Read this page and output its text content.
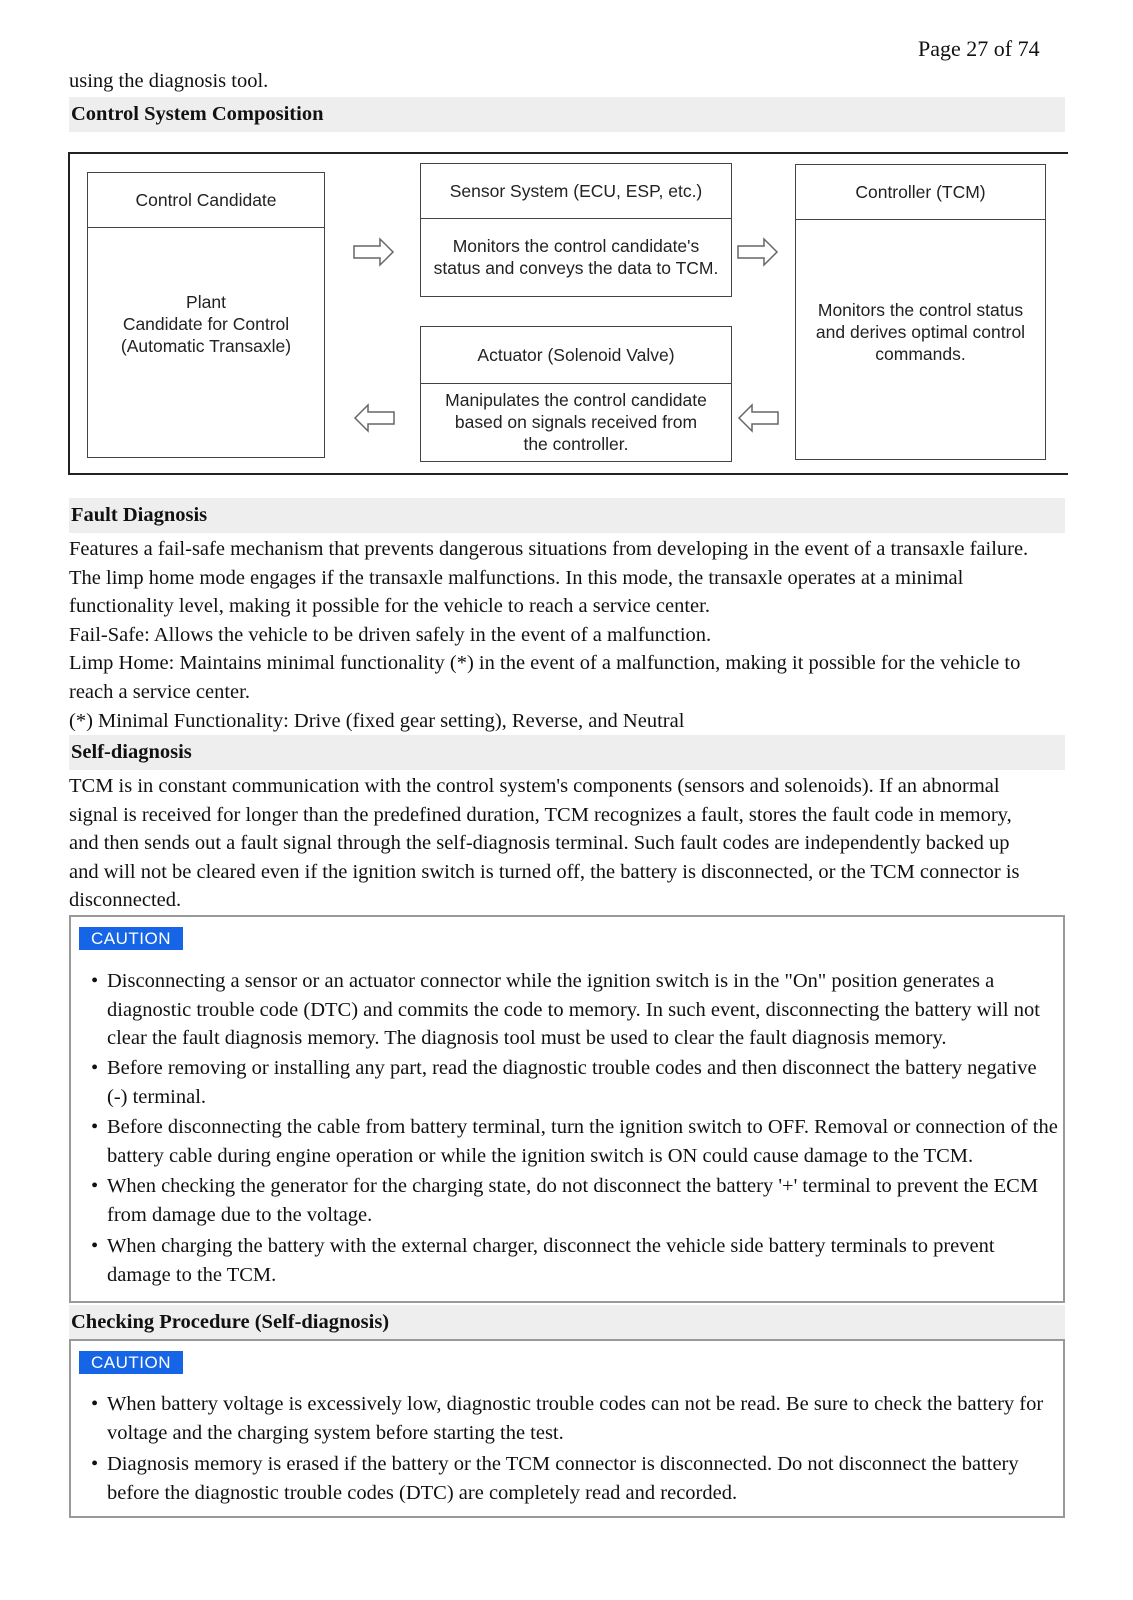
Page 27 of 74
using the diagnosis tool.
Control System Composition
Control Candidate
Plant
Candidate for Control
(Automatic Transaxle)
Sensor System (ECU, ESP, etc.)
Monitors the control candidate's
status and conveys the data to TCM.
Actuator (Solenoid Valve)
Manipulates the control candidate
based on signals received from
the controller.
Controller (TCM)
Monitors the control status
and derives optimal control
commands.
Fault Diagnosis
Features a fail-safe mechanism that prevents dangerous situations from developing in the event of a transaxle failure.
The limp home mode engages if the transaxle malfunctions. In this mode, the transaxle operates at a minimal
functionality level, making it possible for the vehicle to reach a service center.
Fail-Safe: Allows the vehicle to be driven safely in the event of a malfunction.
Limp Home: Maintains minimal functionality (*) in the event of a malfunction, making it possible for the vehicle to
reach a service center.
(*) Minimal Functionality: Drive (fixed gear setting), Reverse, and Neutral
Self-diagnosis
TCM is in constant communication with the control system's components (sensors and solenoids). If an abnormal
signal is received for longer than the predefined duration, TCM recognizes a fault, stores the fault code in memory,
and then sends out a fault signal through the self-diagnosis terminal. Such fault codes are independently backed up
and will not be cleared even if the ignition switch is turned off, the battery is disconnected, or the TCM connector is
disconnected.
CAUTION
• Disconnecting a sensor or an actuator connector while the ignition switch is in the "On" position generates a diagnostic trouble code (DTC) and commits the code to memory. In such event, disconnecting the battery will not clear the fault diagnosis memory. The diagnosis tool must be used to clear the fault diagnosis memory.
• Before removing or installing any part, read the diagnostic trouble codes and then disconnect the battery negative (-) terminal.
• Before disconnecting the cable from battery terminal, turn the ignition switch to OFF. Removal or connection of the battery cable during engine operation or while the ignition switch is ON could cause damage to the TCM.
• When checking the generator for the charging state, do not disconnect the battery '+' terminal to prevent the ECM from damage due to the voltage.
• When charging the battery with the external charger, disconnect the vehicle side battery terminals to prevent damage to the TCM.
Checking Procedure (Self-diagnosis)
CAUTION
• When battery voltage is excessively low, diagnostic trouble codes can not be read. Be sure to check the battery for voltage and the charging system before starting the test.
• Diagnosis memory is erased if the battery or the TCM connector is disconnected. Do not disconnect the battery before the diagnostic trouble codes (DTC) are completely read and recorded.
